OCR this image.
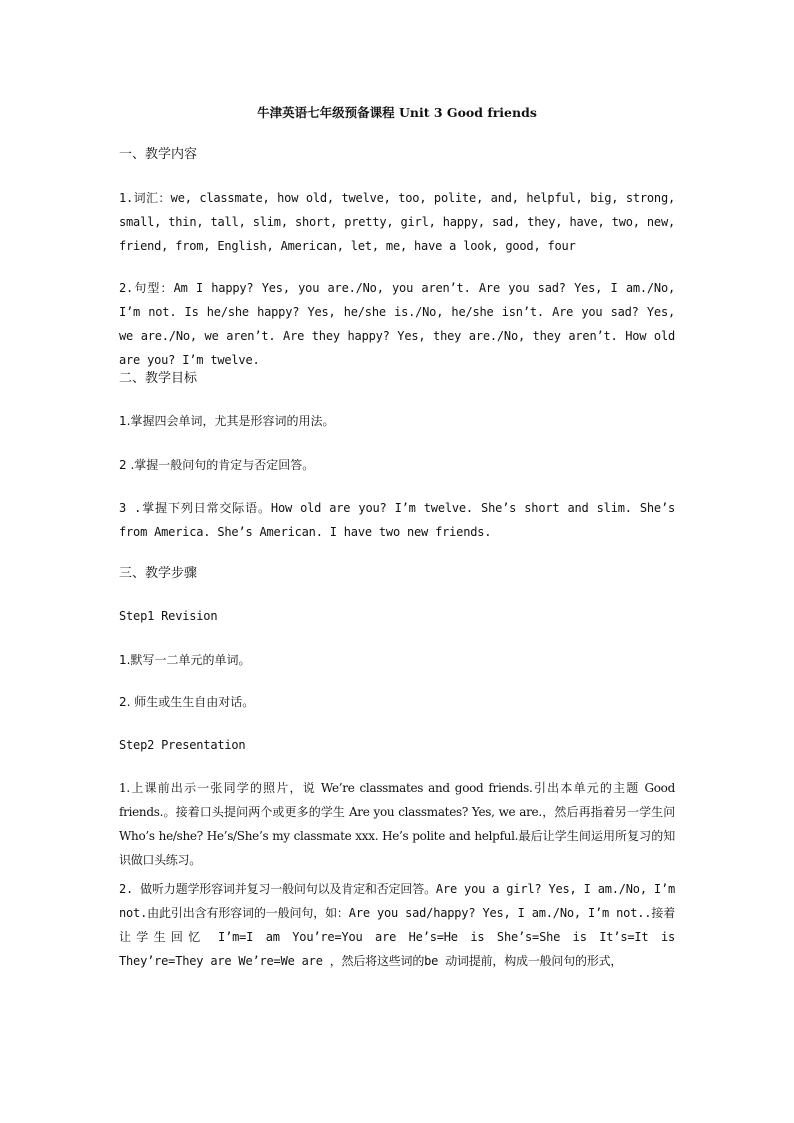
牛津英语七年级预备课程 Unit 3 Good friends
一、教学内容
1.词汇：we, classmate, how old, twelve, too, polite, and, helpful, big, strong, small, thin, tall, slim, short, pretty, girl, happy, sad, they, have, two, new, friend, from, English, American, let, me, have a look, good, four
2.句型：Am I happy? Yes, you are./No, you aren’t. Are you sad? Yes, I am./No, I’m not. Is he/she happy? Yes, he/she is./No, he/she isn’t. Are you sad? Yes, we are./No, we aren’t. Are they happy? Yes, they are./No, they aren’t. How old are you? I’m twelve.
二、教学目标
1.掌握四会单词，尤其是形容词的用法。
2 .掌握一般问句的肯定与否定回答。
3 .掌握下列日常交际语。How old are you? I’m twelve. She’s short and slim. She’s from America. She’s American. I have two new friends.
三、教学步骤
Step1 Revision
1.默写一二单元的单词。
2. 师生或生生自由对话。
Step2 Presentation
1.上课前出示一张同学的照片，说 We’re classmates and good friends.引出本单元的主题 Good friends.。接着口头提问两个或更多的学生 Are you classmates? Yes, we are.，然后再指着另一学生问 Who’s he/she? He’s/She’s my classmate xxx. He’s polite and helpful.最后让学生间运用所复习的知识做口头练习。
2. 做听力题学形容词并复习一般问句以及肯定和否定回答。Are you a girl? Yes, I am./No, I’m not.由此引出含有形容词的一般问句，如：Are you sad/happy? Yes, I am./No, I’m not..接着让学生回忆 I’m=I am You’re=You are He’s=He is She’s=She is It’s=It is They’re=They are We’re=We are ，然后将这些词的be 动词提前，构成一般问句的形式，
